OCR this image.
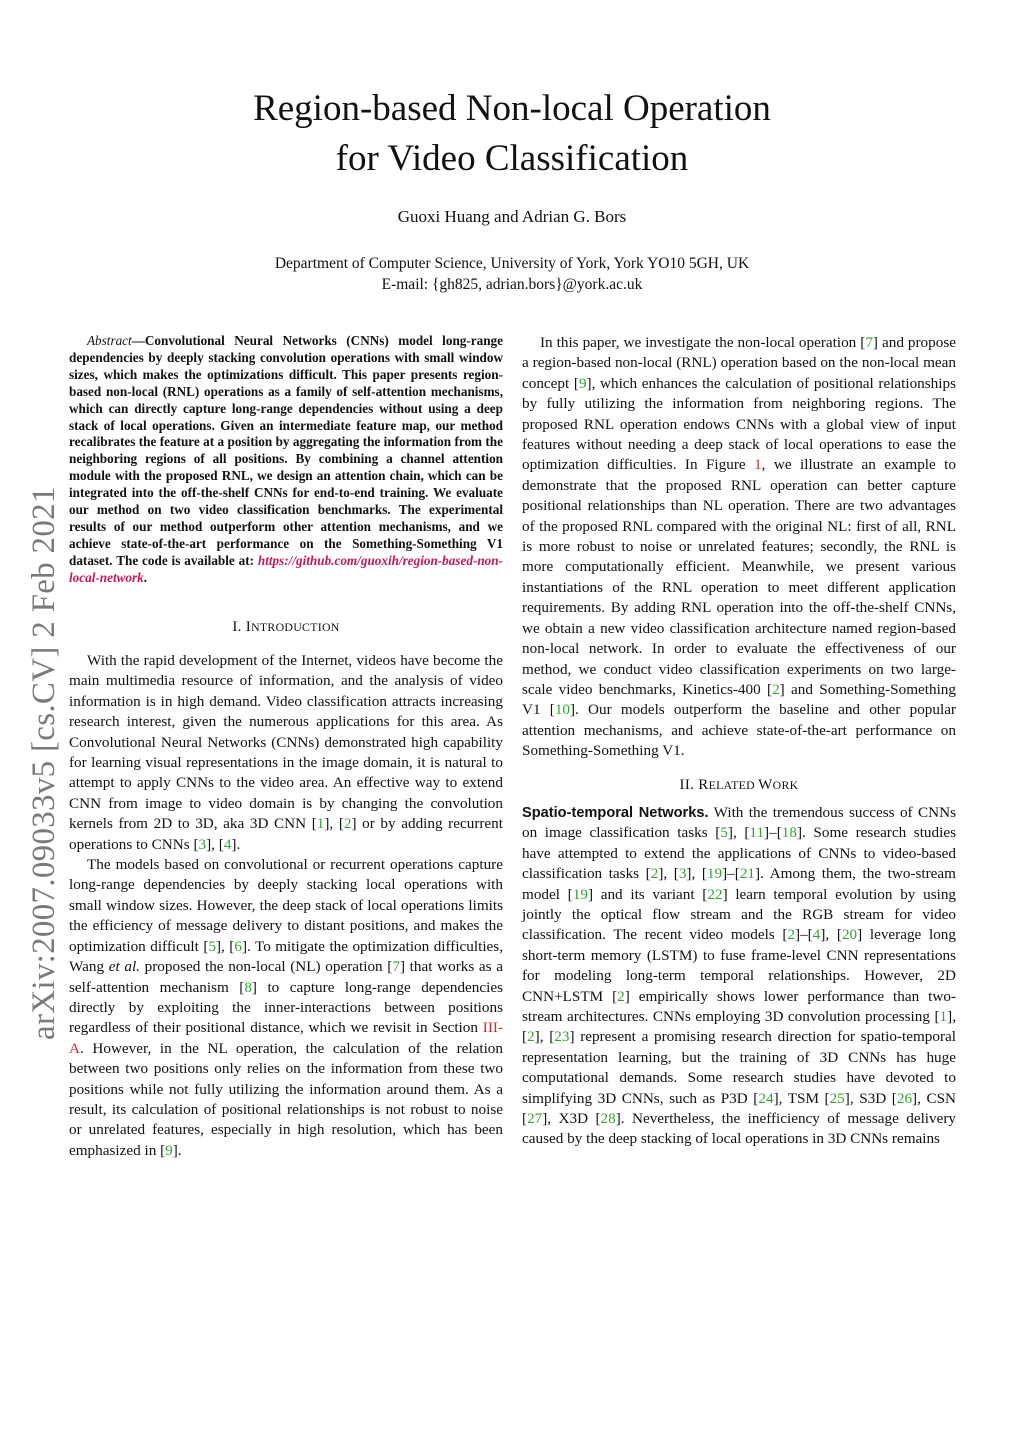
arXiv:2007.09033v5 [cs.CV] 2 Feb 2021
Region-based Non-local Operation
for Video Classification
Guoxi Huang and Adrian G. Bors
Department of Computer Science, University of York, York YO10 5GH, UK
E-mail: {gh825, adrian.bors}@york.ac.uk

Abstract—Convolutional Neural Networks (CNNs) model long-range dependencies by deeply stacking convolution operations with small window sizes, which makes the optimizations difficult. This paper presents region-based non-local (RNL) operations as a family of self-attention mechanisms, which can directly capture long-range dependencies without using a deep stack of local operations. Given an intermediate feature map, our method recalibrates the feature at a position by aggregating the information from the neighboring regions of all positions. By combining a channel attention module with the proposed RNL, we design an attention chain, which can be integrated into the off-the-shelf CNNs for end-to-end training. We evaluate our method on two video classification benchmarks. The experimental results of our method outperform other attention mechanisms, and we achieve state-of-the-art performance on the Something-Something V1 dataset. The code is available at: https://github.com/guoxih/region-based-non-local-network.

I. INTRODUCTION

With the rapid development of the Internet, videos have become the main multimedia resource of information, and the analysis of video information is in high demand. Video classification attracts increasing research interest, given the numerous applications for this area. As Convolutional Neural Networks (CNNs) demonstrated high capability for learning visual representations in the image domain, it is natural to attempt to apply CNNs to the video area. An effective way to extend CNN from image to video domain is by changing the convolution kernels from 2D to 3D, aka 3D CNN [1], [2] or by adding recurrent operations to CNNs [3], [4].

The models based on convolutional or recurrent operations capture long-range dependencies by deeply stacking local operations with small window sizes. However, the deep stack of local operations limits the efficiency of message delivery to distant positions, and makes the optimization difficult [5], [6]. To mitigate the optimization difficulties, Wang et al. proposed the non-local (NL) operation [7] that works as a self-attention mechanism [8] to capture long-range dependencies directly by exploiting the inner-interactions between positions regardless of their positional distance, which we revisit in Section III-A. However, in the NL operation, the calculation of the relation between two positions only relies on the information from these two positions while not fully utilizing the information around them. As a result, its calculation of positional relationships is not robust to noise or unrelated features, especially in high resolution, which has been emphasized in [9].

In this paper, we investigate the non-local operation [7] and propose a region-based non-local (RNL) operation based on the non-local mean concept [9], which enhances the calculation of positional relationships by fully utilizing the information from neighboring regions. The proposed RNL operation endows CNNs with a global view of input features without needing a deep stack of local operations to ease the optimization difficulties. In Figure 1, we illustrate an example to demonstrate that the proposed RNL operation can better capture positional relationships than NL operation. There are two advantages of the proposed RNL compared with the original NL: first of all, RNL is more robust to noise or unrelated features; secondly, the RNL is more computationally efficient. Meanwhile, we present various instantiations of the RNL operation to meet different application requirements. By adding RNL operation into the off-the-shelf CNNs, we obtain a new video classification architecture named region-based non-local network. In order to evaluate the effectiveness of our method, we conduct video classification experiments on two large-scale video benchmarks, Kinetics-400 [2] and Something-Something V1 [10]. Our models outperform the baseline and other popular attention mechanisms, and achieve state-of-the-art performance on Something-Something V1.

II. RELATED WORK

Spatio-temporal Networks. With the tremendous success of CNNs on image classification tasks [5], [11]–[18]. Some research studies have attempted to extend the applications of CNNs to video-based classification tasks [2], [3], [19]–[21]. Among them, the two-stream model [19] and its variant [22] learn temporal evolution by using jointly the optical flow stream and the RGB stream for video classification. The recent video models [2]–[4], [20] leverage long short-term memory (LSTM) to fuse frame-level CNN representations for modeling long-term temporal relationships. However, 2D CNN+LSTM [2] empirically shows lower performance than two-stream architectures. CNNs employing 3D convolution processing [1], [2], [23] represent a promising research direction for spatio-temporal representation learning, but the training of 3D CNNs has huge computational demands. Some research studies have devoted to simplifying 3D CNNs, such as P3D [24], TSM [25], S3D [26], CSN [27], X3D [28]. Nevertheless, the inefficiency of message delivery caused by the deep stacking of local operations in 3D CNNs remains
